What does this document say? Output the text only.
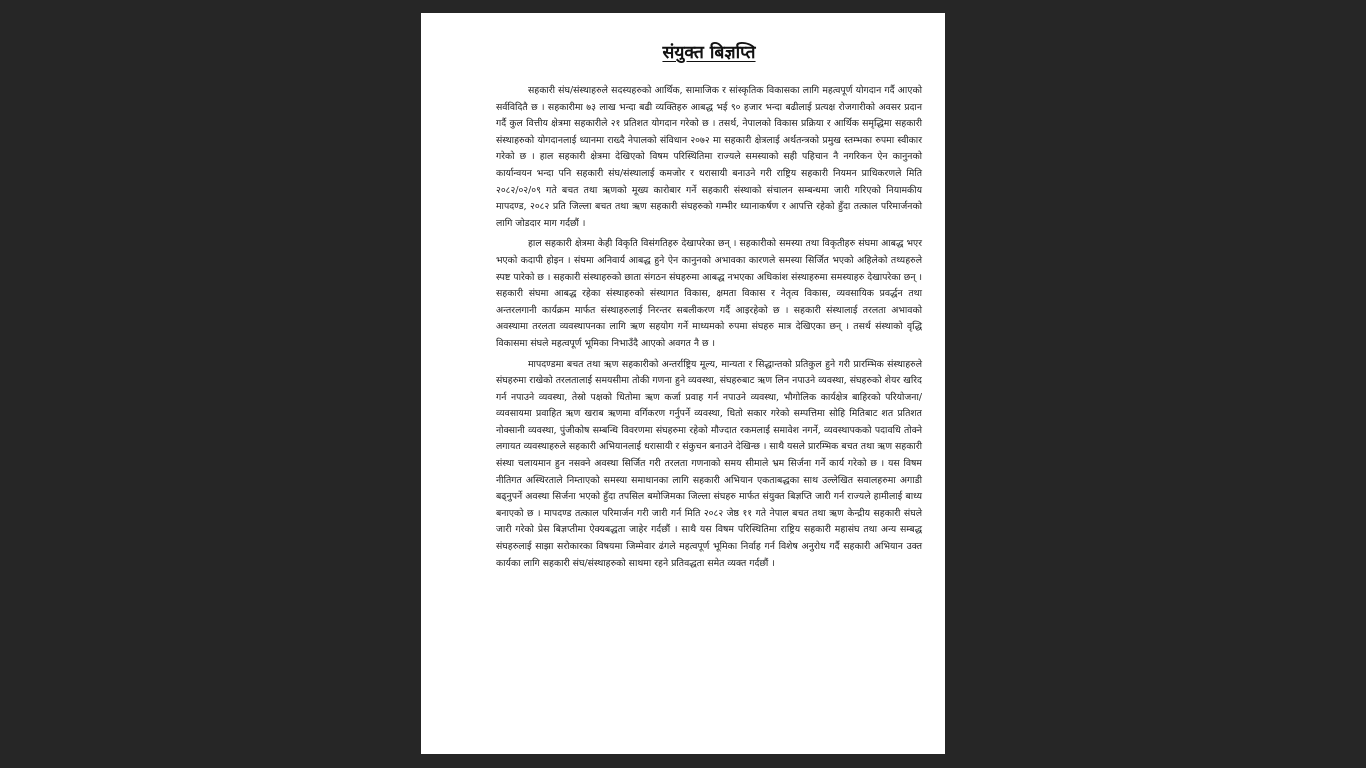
संयुक्त बिज्ञप्ति

सहकारी संघ/संस्थाहरुले सदस्यहरुको आर्थिक, सामाजिक र सांस्कृतिक विकासका लागि महत्वपूर्ण योगदान गर्दै आएको सर्वविदितै छ । सहकारीमा ७३ लाख भन्दा बढी व्यक्तिहरु आबद्ध भई ९० हजार भन्दा बढीलाई प्रत्यक्ष रोजगारीको अवसर प्रदान गर्दै कुल वित्तीय क्षेत्रमा सहकारीले २१ प्रतिशत योगदान गरेको छ । तसर्थ, नेपालको विकास प्रक्रिया र आर्थिक समृद्धिमा सहकारी संस्थाहरुको योगदानलाई ध्यानमा राख्दै नेपालको संविधान २०७२ मा सहकारी क्षेत्रलाई अर्थतन्त्रको प्रमुख स्तम्भका रुपमा स्वीकार गरेको छ । हाल सहकारी क्षेत्रमा देखिएको विषम परिस्थितिमा राज्यले समस्याको सही पहिचान नै नगरिकन ऐन कानुनको कार्यान्वयन भन्दा पनि सहकारी संघ/संस्थालाई कमजोर र धरासायी बनाउने गरी राष्ट्रिय सहकारी नियमन प्राधिकरणले मिति २०८२/०२/०९ गते बचत तथा ऋणको मूख्य कारोबार गर्ने सहकारी संस्थाको संचालन सम्बन्धमा जारी गरिएको नियामकीय मापदण्ड, २०८२ प्रति जिल्ला बचत तथा ऋण सहकारी संघहरुको गम्भीर ध्यानाकर्षण र आपत्ति रहेको हुँदा तत्काल परिमार्जनको लागि जोडदार माग गर्दछौं ।

हाल सहकारी क्षेत्रमा केही विकृति विसंगतिहरु देखापरेका छन् । सहकारीको समस्या तथा विकृतीहरु संघमा आबद्ध भएर भएको कदापी होइन । संघमा अनिवार्य आबद्ध हुने ऐन कानुनको अभावका कारणले समस्या सिर्जित भएको अहिलेको तथ्यहरुले स्पष्ट पारेको छ । सहकारी संस्थाहरुको छाता संगठन संघहरुमा आबद्ध नभएका अधिकांश संस्थाहरुमा समस्याहरु देखापरेका छन् । सहकारी संघमा आबद्ध रहेका संस्थाहरुको संस्थागत विकास, क्षमता विकास र नेतृत्व विकास, व्यवसायिक प्रवर्द्धन तथा अन्तरलगानी कार्यक्रम मार्फत संस्थाहरुलाई निरन्तर सबलीकरण गर्दै आइरहेको छ । सहकारी संस्थालाई तरलता अभावको अवस्थामा तरलता व्यवस्थापनका लागि ऋण सहयोग गर्ने माध्यमको रुपमा संघहरु मात्र देखिएका छन् । तसर्थ संस्थाको वृद्धि विकासमा संघले महत्वपूर्ण भूमिका निभाउँदै आएको अवगत नै छ ।

मापदण्डमा बचत तथा ऋण सहकारीको अन्तर्राष्ट्रिय मूल्य, मान्यता र सिद्धान्तको प्रतिकुल हुने गरी प्रारम्भिक संस्थाहरुले संघहरुमा राखेको तरलतालाई समयसीमा तोकी गणना हुने व्यवस्था, संघहरुबाट ऋण लिन नपाउने व्यवस्था, संघहरुको शेयर खरिद गर्न नपाउने व्यवस्था, तेस्रो पक्षको धितोमा ऋण कर्जा प्रवाह गर्न नपाउने व्यवस्था, भौगोलिक कार्यक्षेत्र बाहिरको परियोजना/व्यवसायमा प्रवाहित ऋण खराब ऋणमा वर्गिकरण गर्नुपर्ने व्यवस्था, धितो सकार गरेको सम्पत्तिमा सोहि मितिबाट शत प्रतिशत नोक्सानी व्यवस्था, पुंजीकोष सम्बन्धि विवरणमा संघहरुमा रहेको मौज्दात रकमलाई समावेश नगर्ने, व्यवस्थापकको पदावधि तोक्ने लगायत व्यवस्थाहरुले सहकारी अभियानलाई धरासायी र संकुचन बनाउने देखिन्छ । साथै यसले प्रारम्भिक बचत तथा ऋण सहकारी संस्था चलायमान हुन नसक्ने अवस्था सिर्जित गरी तरलता गणनाको समय सीमाले भ्रम सिर्जना गर्ने कार्य गरेको छ । यस विषम नीतिगत अस्थिरताले निम्ताएको समस्या समाधानका लागि सहकारी अभियान एकताबद्धका साथ उल्लेखित सवालहरुमा अगाडी बढ्नुपर्ने अवस्था सिर्जना भएको हुँदा तपसिल बमोजिमका जिल्ला संघहरु मार्फत संयुक्त बिज्ञप्ति जारी गर्न राज्यले हामीलाई बाध्य बनाएको छ । मापदण्ड तत्काल परिमार्जन गरी जारी गर्न मिति २०८२ जेष्ठ ११ गते नेपाल बचत तथा ऋण केन्द्रीय सहकारी संघले जारी गरेको प्रेस बिज्ञप्तीमा ऐक्यबद्धता जाहेर गर्दछौं । साथै यस विषम परिस्थितिमा राष्ट्रिय सहकारी महासंघ तथा अन्य सम्बद्ध संघहरुलाई साझा सरोकारका विषयमा जिम्मेवार ढंगले महत्वपूर्ण भूमिका निर्वाह गर्न विशेष अनुरोध गर्दै सहकारी अभियान उक्त कार्यका लागि सहकारी संघ/संस्थाहरुको साथमा रहने प्रतिवद्धता समेत व्यक्त गर्दछौं ।
